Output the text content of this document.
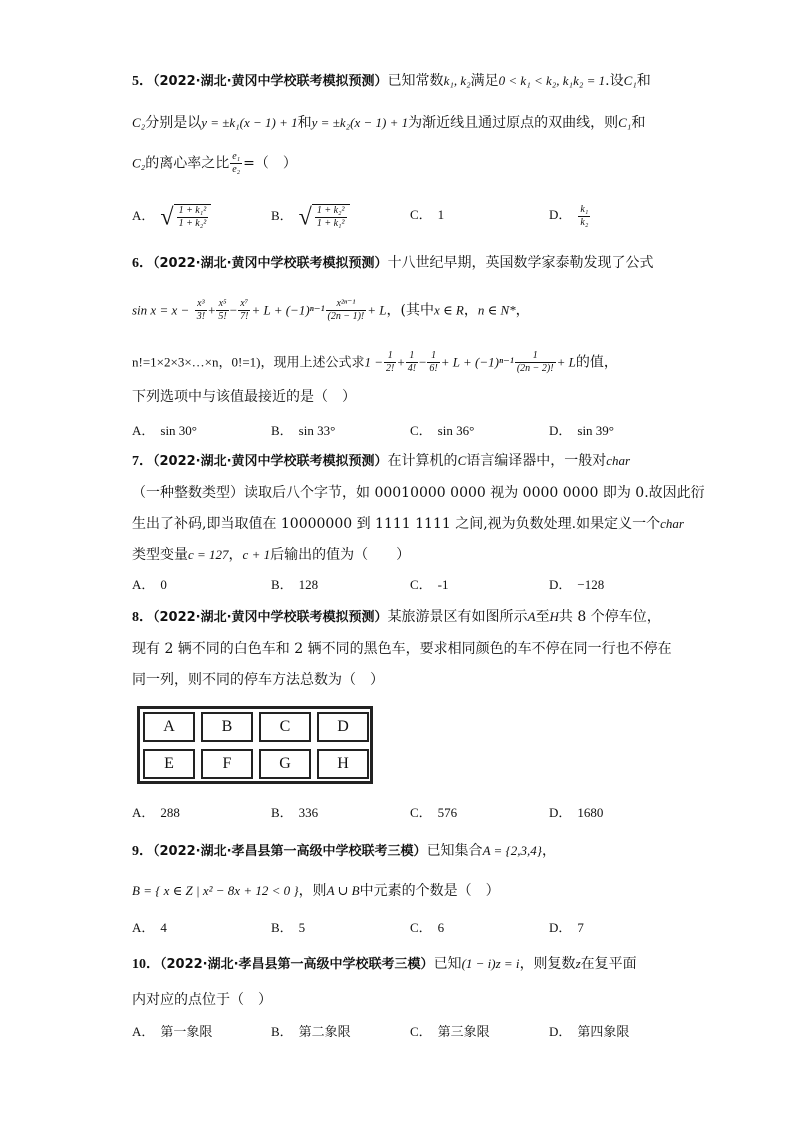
5．（2022·湖北·黄冈中学校联考模拟预测）已知常数k₁, k₂满足0 < k₁ < k₂, k₁k₂ = 1.设C₁和
C₂分别是以y = ±k₁(x − 1) + 1和y = ±k₂(x − 1) + 1为渐近线且通过原点的双曲线，则C₁和
C₂的离心率之比 $\frac{\text{e₁}}{\text{e₂}}$ =（　）
A． √ $\frac{\text{1 + k₁²}}{\text{1 + k₂²}}$	B． √ $\frac{\text{1 + k₂²}}{\text{1 + k₁²}}$	C． 1	D． $\frac{\text{k₁}}{\text{k₂}}$
6．（2022·湖北·黄冈中学校联考模拟预测）十八世纪早期，英国数学家泰勒发现了公式
$\sin x = x - \frac{\text{x³}}{3!} + \frac{\text{x⁵}}{5!} - \frac{\text{x⁷}}{7!} + L + (-1)^{n-1} \frac{\text{x²ⁿ⁻¹}}{(2n - 1)!} + L$，(其中x ∈ R，n ∈ N*，
n!=1×2×3×…×n，0!=1)，现用上述公式求$1 - \frac{1}{2!} + \frac{1}{4!} - \frac{1}{6!} + L + (-1)^{n-1} \frac{1}{(2n - 2)!} + L$的值，
下列选项中与该值最接近的是（　）
A． sin 30°	B． sin 33°	C． sin 36°	D． sin 39°
7．（2022·湖北·黄冈中学校联考模拟预测）在计算机的C语言编译器中，一般对char
（一种整数类型）读取后八个字节，如 00010000 0000 视为 0000 0000 即为 0.故因此衍
生出了补码,即当取值在 10000000 到 1111 1111 之间,视为负数处理.如果定义一个char
类型变量c = 127，c + 1后输出的值为（　　）
A． 0	B． 128	C． -1	D． −128
8．（2022·湖北·黄冈中学校联考模拟预测）某旅游景区有如图所示A至H共 8 个停车位，
现有 2 辆不同的白色车和 2 辆不同的黑色车，要求相同颜色的车不停在同一行也不停在
同一列，则不同的停车方法总数为（　）
A	B	C	D
E	F	G	H
A． 288	B． 336	C． 576	D． 1680
9．（2022·湖北·孝昌县第一高级中学校联考三模）已知集合A = {2,3,4}，
B = { x ∈ Z | x² − 8x + 12 < 0 }，则A ∪ B中元素的个数是（　）
A． 4	B． 5	C． 6	D． 7
10．（2022·湖北·孝昌县第一高级中学校联考三模）已知(1 − i)z = i，则复数z在复平面
内对应的点位于（　）
A． 第一象限	B． 第二象限	C． 第三象限	D． 第四象限
